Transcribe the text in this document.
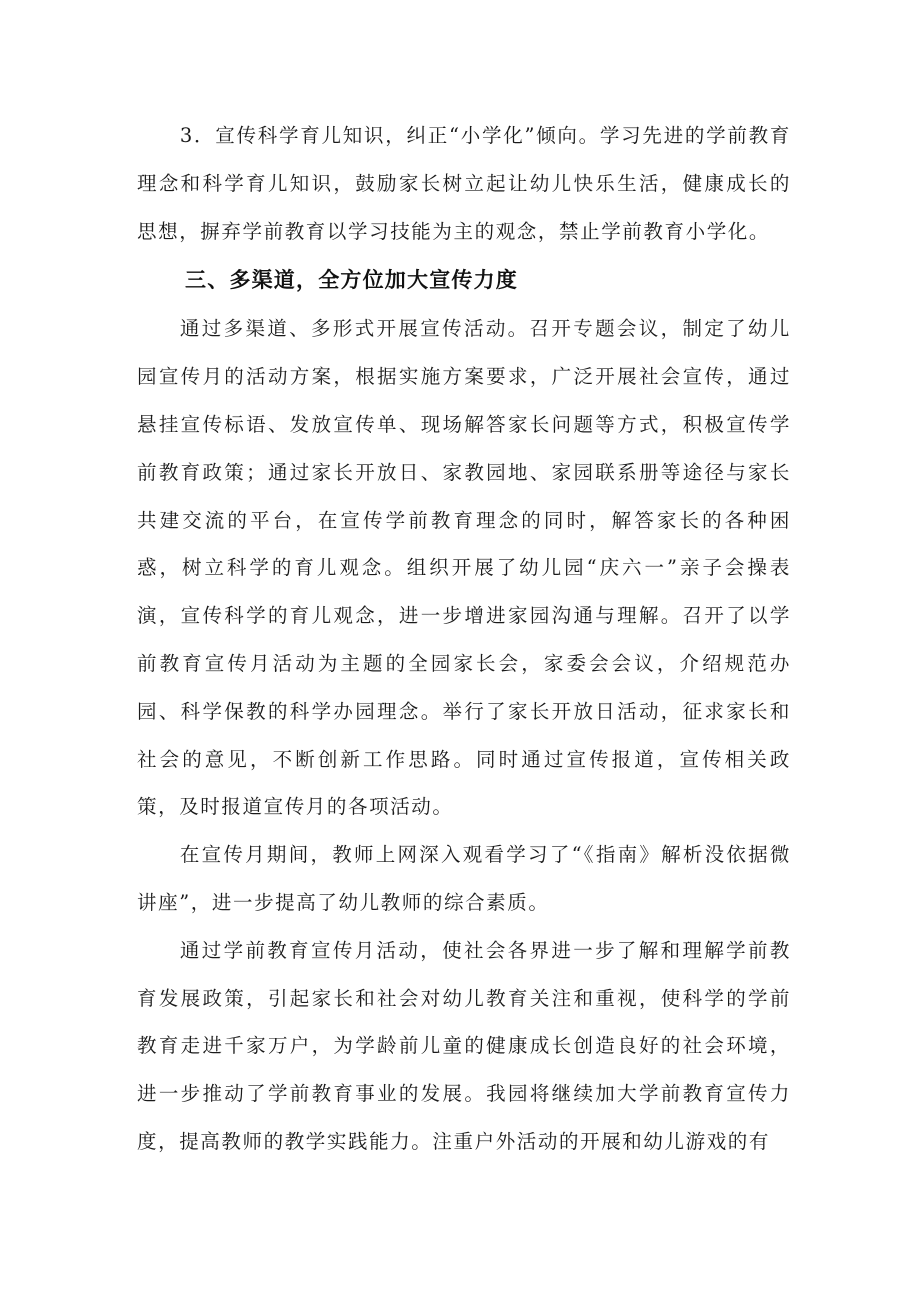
3．宣传科学育儿知识，纠正“小学化”倾向。学习先进的学前教育理念和科学育儿知识，鼓励家长树立起让幼儿快乐生活，健康成长的思想，摒弃学前教育以学习技能为主的观念，禁止学前教育小学化。

三、多渠道，全方位加大宣传力度

通过多渠道、多形式开展宣传活动。召开专题会议，制定了幼儿园宣传月的活动方案，根据实施方案要求，广泛开展社会宣传，通过悬挂宣传标语、发放宣传单、现场解答家长问题等方式，积极宣传学前教育政策；通过家长开放日、家教园地、家园联系册等途径与家长共建交流的平台，在宣传学前教育理念的同时，解答家长的各种困惑，树立科学的育儿观念。组织开展了幼儿园“庆六一”亲子会操表演，宣传科学的育儿观念，进一步增进家园沟通与理解。召开了以学前教育宣传月活动为主题的全园家长会，家委会会议，介绍规范办园、科学保教的科学办园理念。举行了家长开放日活动，征求家长和社会的意见，不断创新工作思路。同时通过宣传报道，宣传相关政策，及时报道宣传月的各项活动。

在宣传月期间，教师上网深入观看学习了“《指南》解析没依据微讲座”，进一步提高了幼儿教师的综合素质。

通过学前教育宣传月活动，使社会各界进一步了解和理解学前教育发展政策，引起家长和社会对幼儿教育关注和重视，使科学的学前教育走进千家万户，为学龄前儿童的健康成长创造良好的社会环境，进一步推动了学前教育事业的发展。我园将继续加大学前教育宣传力度，提高教师的教学实践能力。注重户外活动的开展和幼儿游戏的有
